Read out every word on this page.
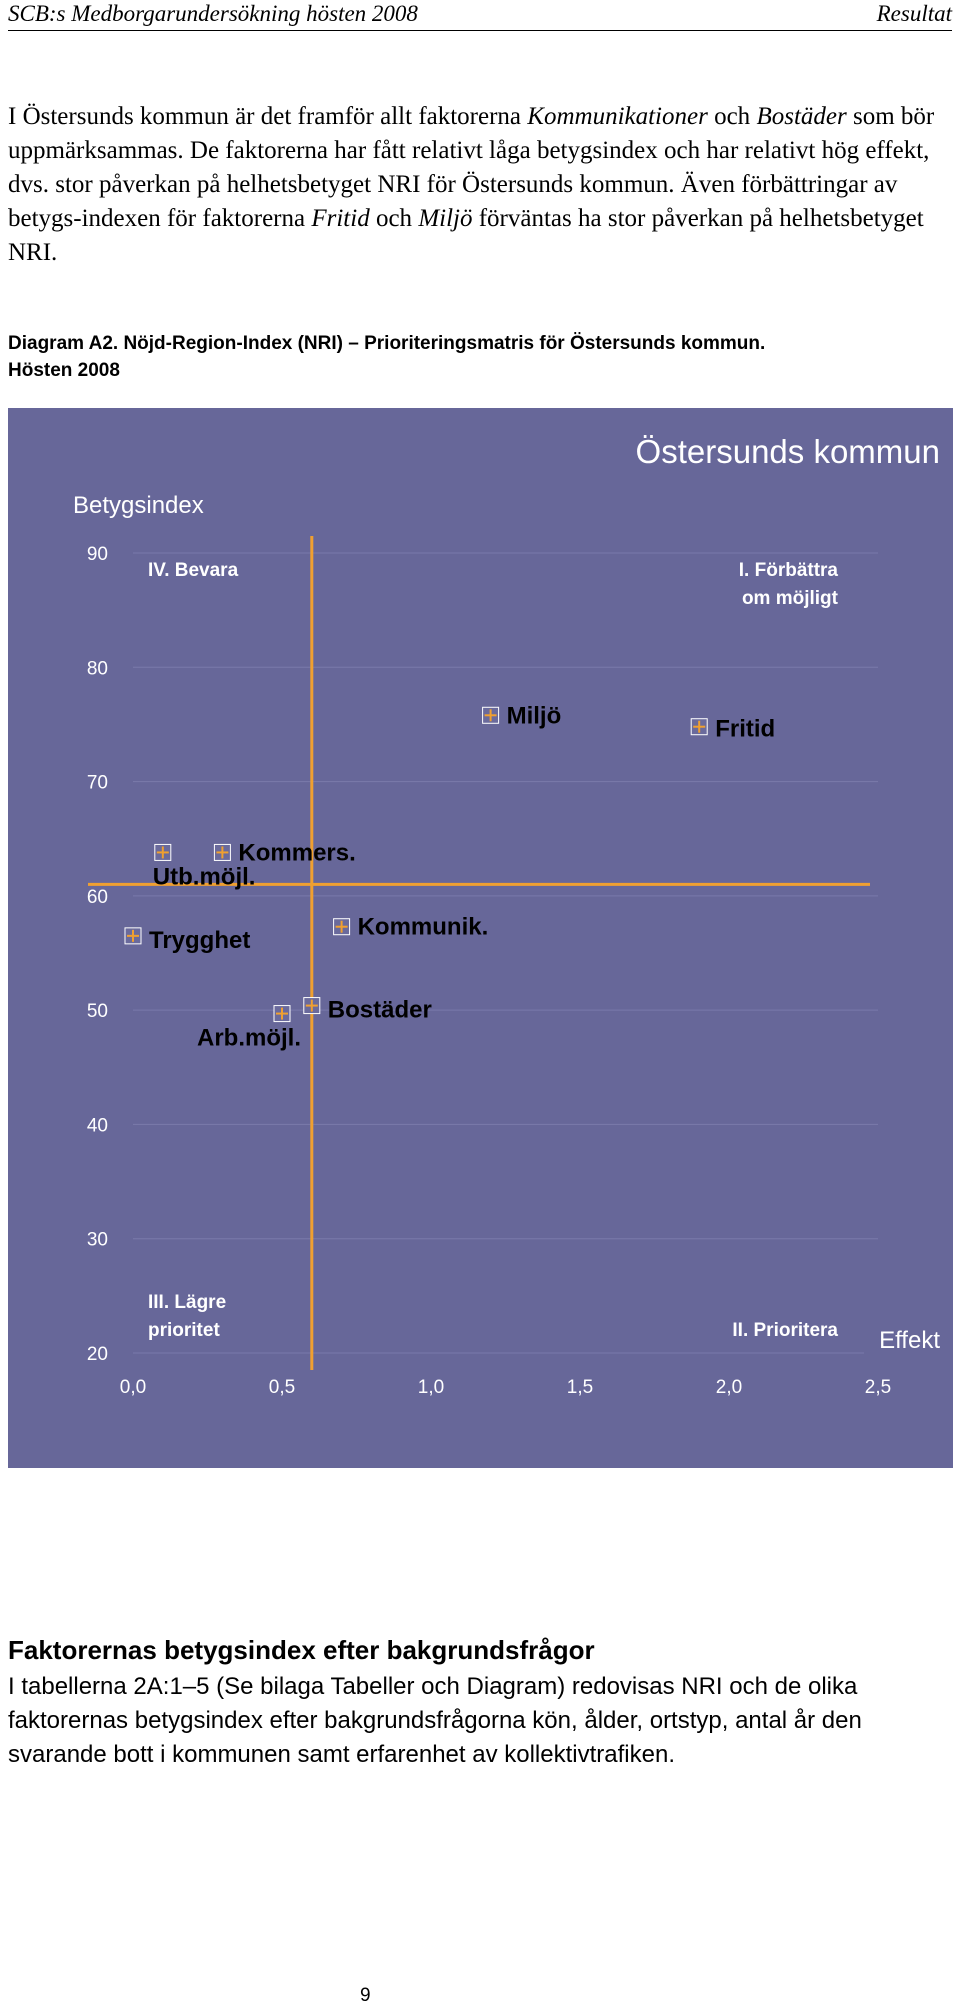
SCB:s Medborgarundersökning hösten 2008	Resultat

I Östersunds kommun är det framför allt faktorerna Kommunikationer och Bostäder som bör uppmärksammas. De faktorerna har fått relativt låga betygsindex och har relativt hög effekt, dvs. stor påverkan på helhetsbetyget NRI för Östersunds kommun. Även förbättringar av betygs-indexen för faktorerna Fritid och Miljö förväntas ha stor påverkan på helhetsbetyget NRI.

Diagram A2. Nöjd-Region-Index (NRI) – Prioriteringsmatris för Östersunds kommun.
Hösten 2008
20
30
40
50
60
70
80
90
0,0	0,5	1,0	1,5	2,0	2,5
Östersunds kommun
Betygsindex
Effekt
IV. Bevara	I. Förbättra
om möjligt
III. Lägre
prioritet	II. Prioritera
Miljö	Fritid
Kommers.
Utb.möjl.
Trygghet	Kommunik.
Bostäder
Arb.möjl.
Faktorernas betygsindex efter bakgrundsfrågor

I tabellerna 2A:1–5 (Se bilaga Tabeller och Diagram) redovisas NRI och de olika faktorernas betygsindex efter bakgrundsfrågorna kön, ålder, ortstyp, antal år den svarande bott i kommunen samt erfarenhet av kollektivtrafiken.

9
